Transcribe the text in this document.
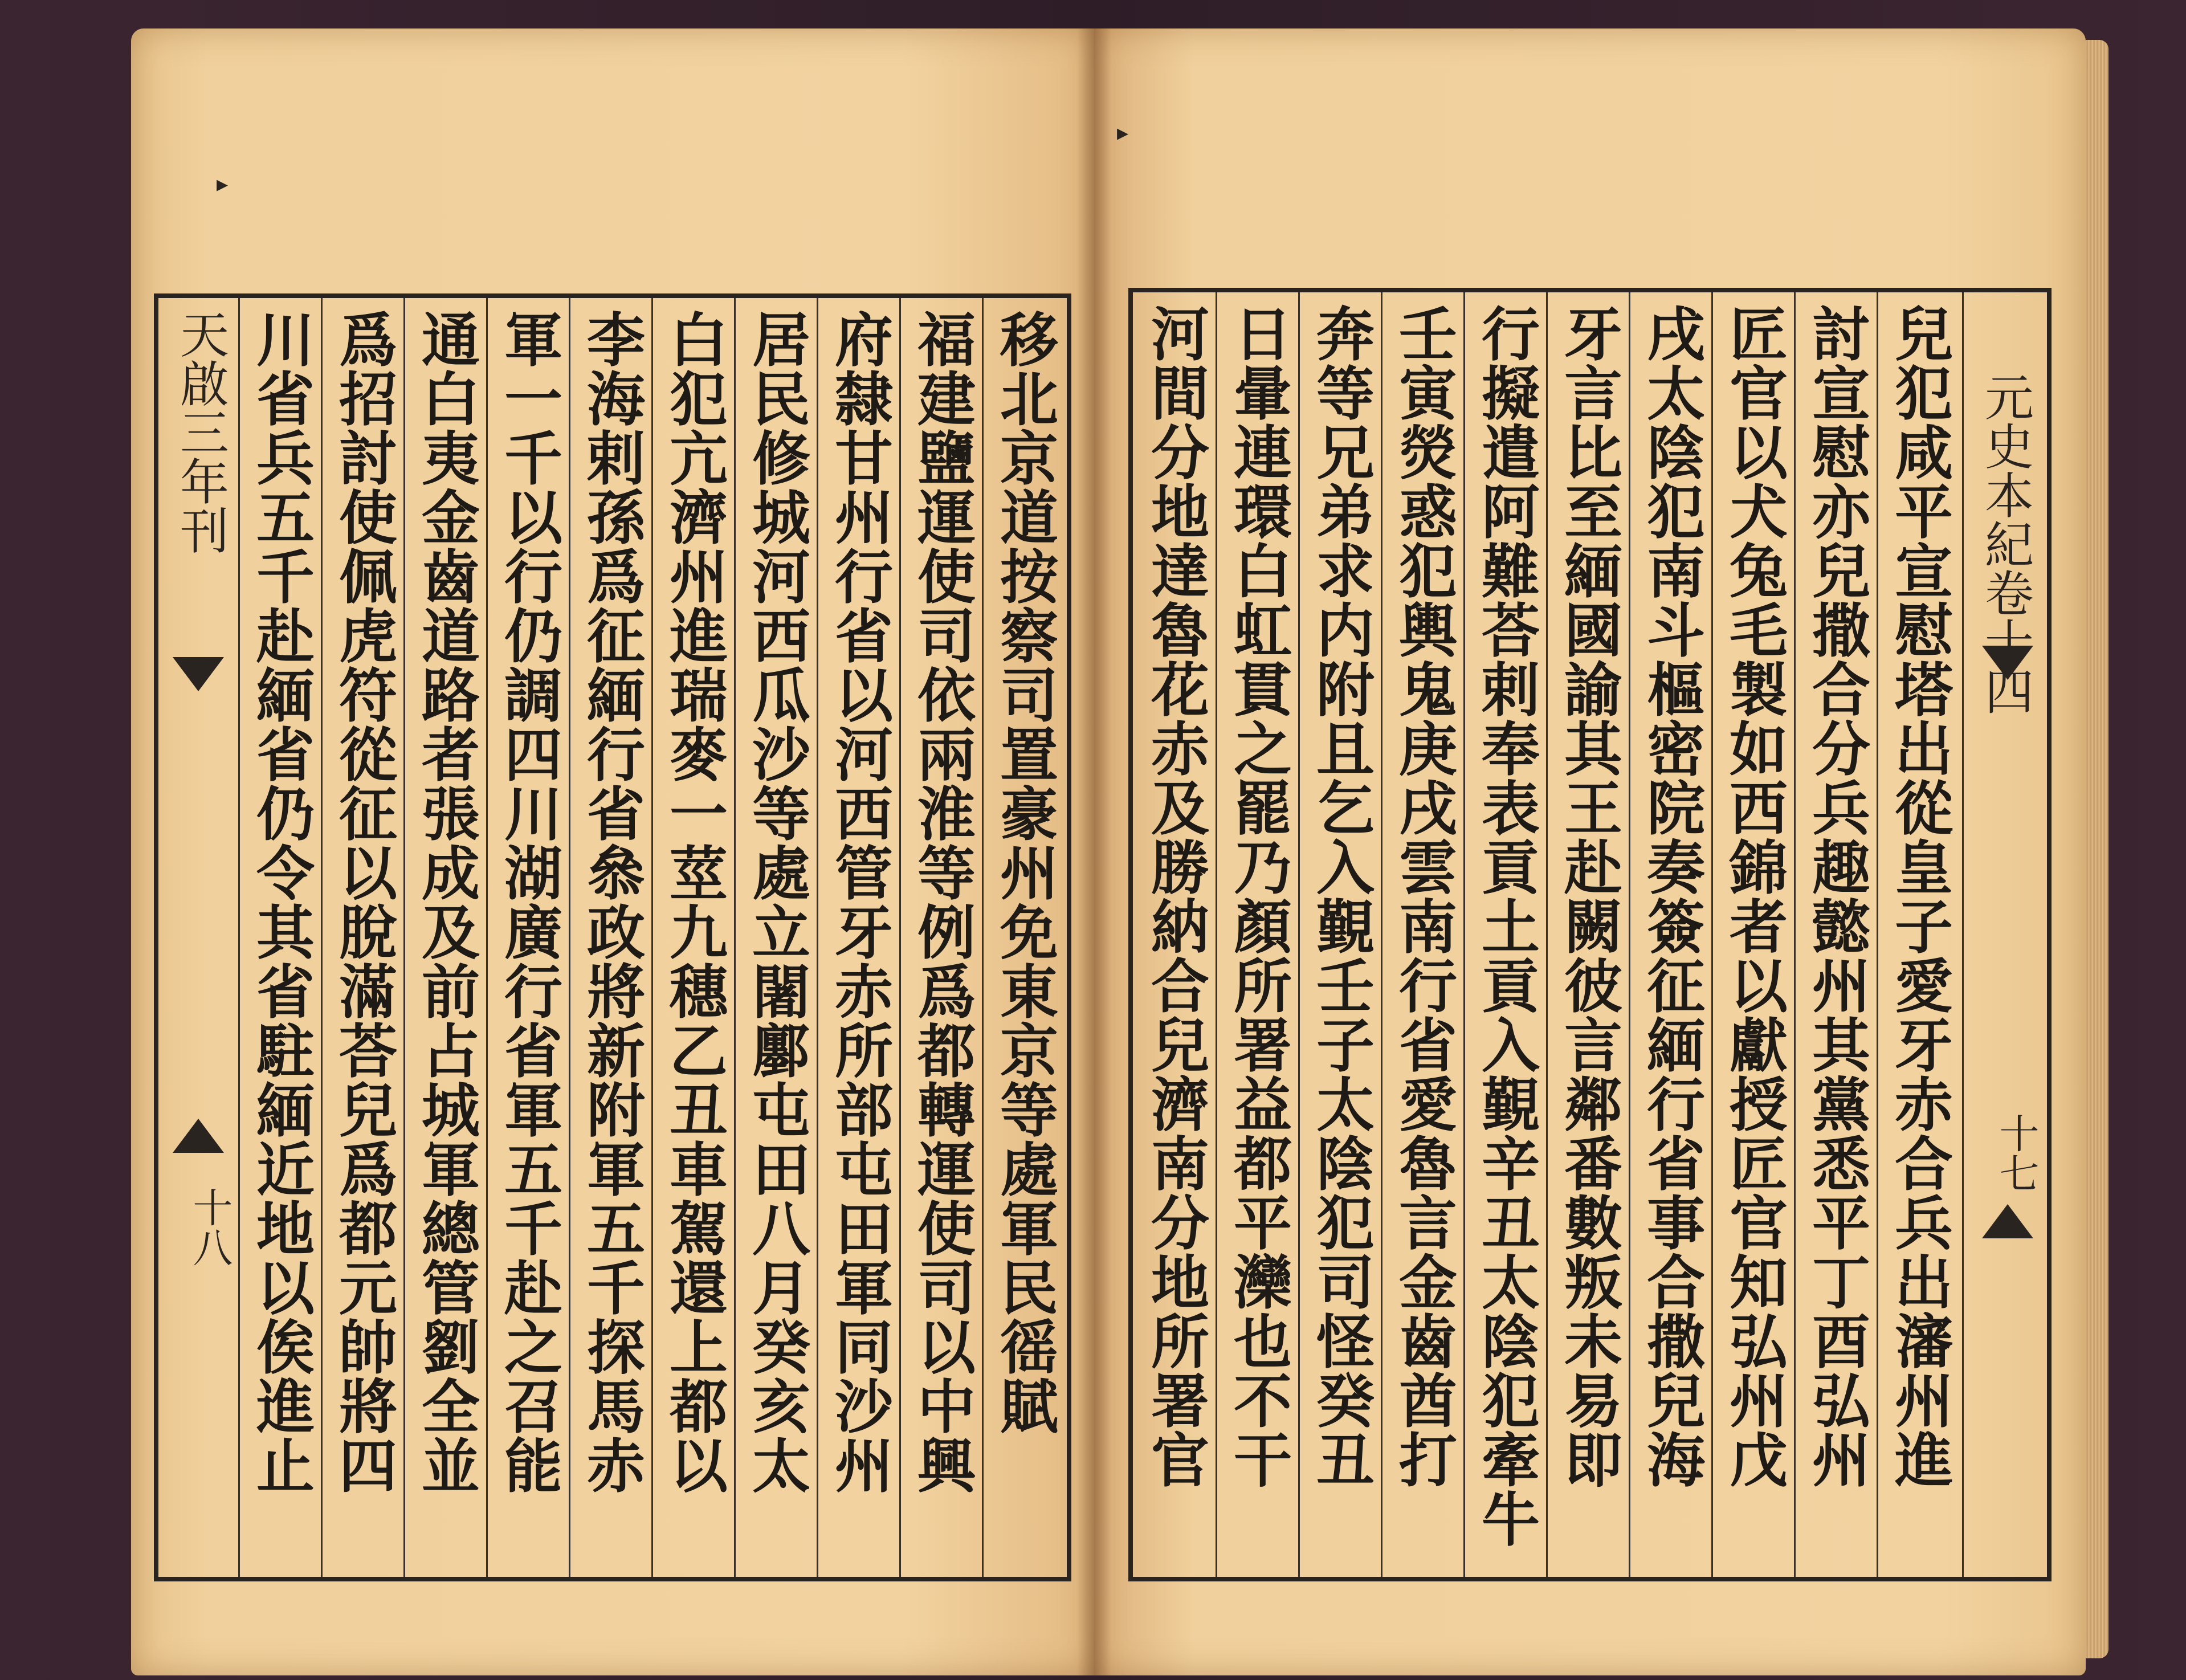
▸
▸
天啟三年刊
十八	移北京道按察司置豪州免東京等處軍民徭賦
福建鹽運使司依兩淮等例爲都轉運使司以中興
府隸甘州行省以河西管牙赤所部屯田軍同沙州
居民修城河西瓜沙等處立闍鄽屯田八月癸亥太
白犯亢濟州進瑞麥一莖九穗乙丑車駕還上都以
李海剌孫爲征緬行省叅政將新附軍五千探馬赤
軍一千以行仍調四川湖廣行省軍五千赴之召能
通白夷金齒道路者張成及前占城軍總管劉全並
爲招討使佩虎符從征以脫滿荅兒爲都元帥將四
川省兵五千赴緬省仍令其省駐緬近地以俟進止	兒犯咸平宣慰塔出從皇子愛牙赤合兵出瀋州進
討宣慰亦兒撒合分兵趣懿州其黨悉平丁酉弘州
匠官以犬兔毛製如西錦者以獻授匠官知弘州戊
戌太陰犯南斗樞密院奏簽征緬行省事合撒兒海
牙言比至緬國諭其王赴闕彼言鄰番數叛未易即
行擬遣阿難荅剌奉表貢土貢入覲辛丑太陰犯牽牛
壬寅熒惑犯輿鬼庚戌雲南行省愛魯言金齒酋打
奔等兄弟求内附且乞入覲壬子太陰犯司怪癸丑
日暈連環白虹貫之罷乃顏所署益都平灤也不干
河間分地達魯花赤及勝納合兒濟南分地所署官	元史本紀卷十四
十七
